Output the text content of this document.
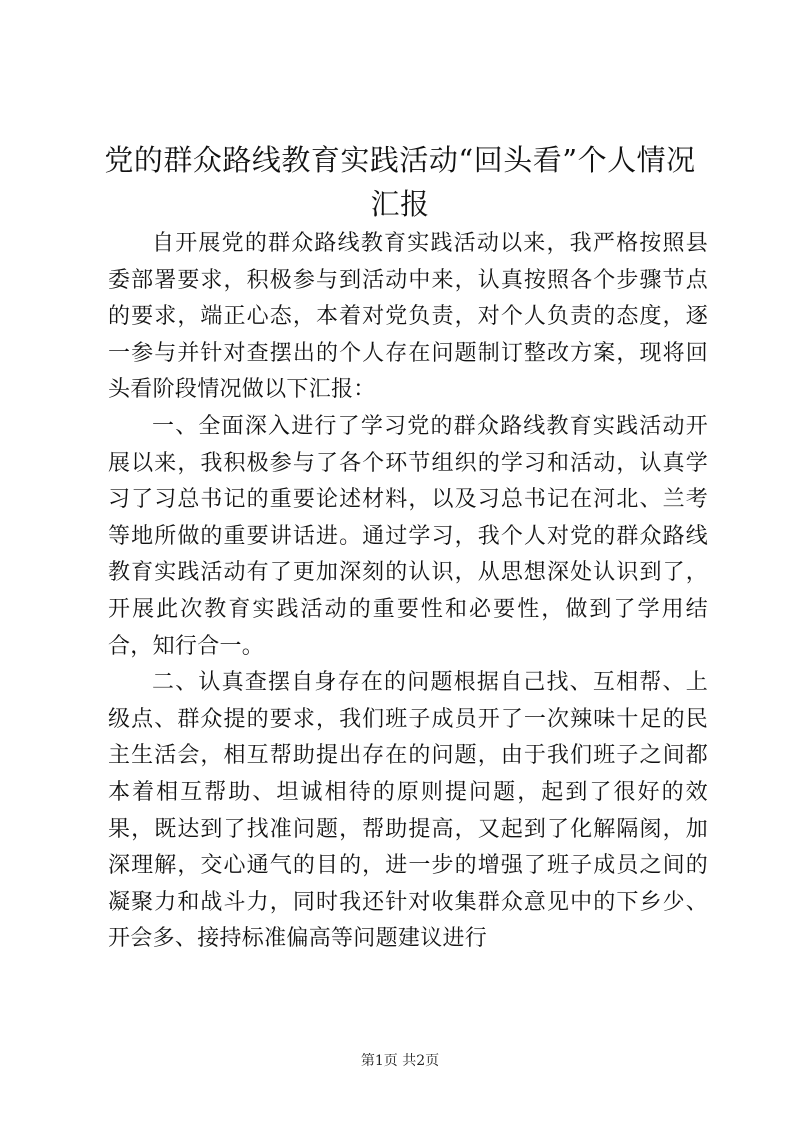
党的群众路线教育实践活动“回头看”个人情况汇报

自开展党的群众路线教育实践活动以来，我严格按照县委部署要求，积极参与到活动中来，认真按照各个步骤节点的要求，端正心态，本着对党负责，对个人负责的态度，逐一参与并针对查摆出的个人存在问题制订整改方案，现将回头看阶段情况做以下汇报：

一、全面深入进行了学习党的群众路线教育实践活动开展以来，我积极参与了各个环节组织的学习和活动，认真学习了习总书记的重要论述材料，以及习总书记在河北、兰考等地所做的重要讲话进。通过学习，我个人对党的群众路线教育实践活动有了更加深刻的认识，从思想深处认识到了，开展此次教育实践活动的重要性和必要性，做到了学用结合，知行合一。

二、认真查摆自身存在的问题根据自己找、互相帮、上级点、群众提的要求，我们班子成员开了一次辣味十足的民主生活会，相互帮助提出存在的问题，由于我们班子之间都本着相互帮助、坦诚相待的原则提问题，起到了很好的效果，既达到了找准问题，帮助提高，又起到了化解隔阂，加深理解，交心通气的目的，进一步的增强了班子成员之间的凝聚力和战斗力，同时我还针对收集群众意见中的下乡少、开会多、接持标准偏高等问题建议进行

第1页 共2页
